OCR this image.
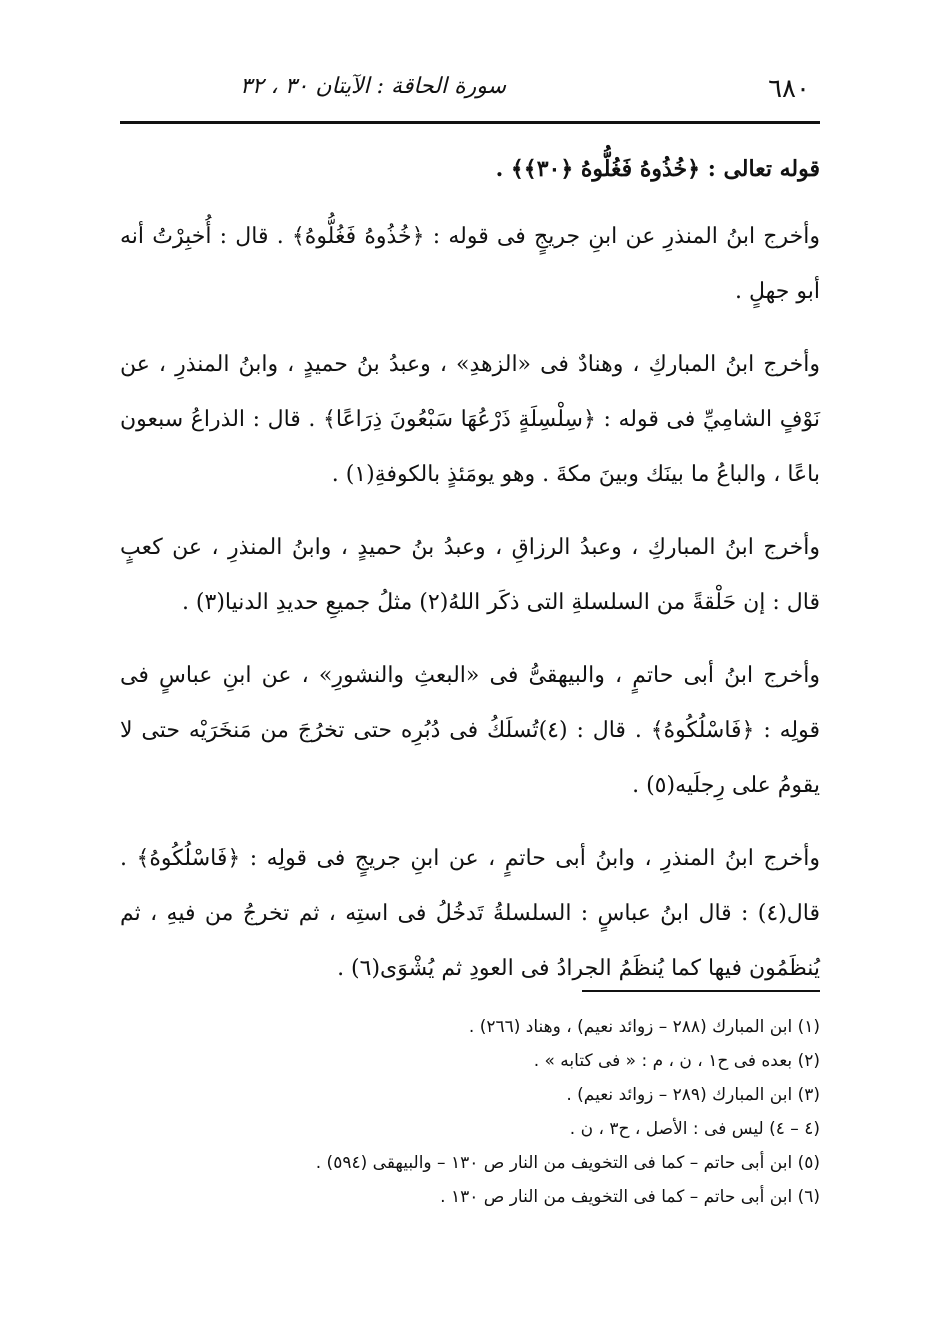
٦٨٠
سورة الحاقة : الآيتان ٣٠ ، ٣٢

قوله تعالى : ﴿خُذُوهُ فَغُلُّوهُ ﴿٣٠﴾﴾ .

وأخرج ابنُ المنذرِ عن ابنِ جريجٍ فى قوله : ﴿خُذُوهُ فَغُلُّوهُ﴾ . قال : أُخبِرْتُ أنه أبو جهلٍ .

وأخرج ابنُ المباركِ ، وهنادٌ فى «الزهدِ» ، وعبدُ بنُ حميدٍ ، وابنُ المنذرِ ، عن نَوْفٍ الشامِيِّ فى قوله : ﴿سِلْسِلَةٍ ذَرْعُهَا سَبْعُونَ ذِرَاعًا﴾ . قال : الذراعُ سبعون باعًا ، والباعُ ما بينَك وبينَ مكةَ . وهو يومَئذٍ بالكوفةِ(١) .

وأخرج ابنُ المباركِ ، وعبدُ الرزاقِ ، وعبدُ بنُ حميدٍ ، وابنُ المنذرِ ، عن كعبٍ قال : إن حَلْقةً من السلسلةِ التى ذكَر اللهُ(٢) مثلُ جميعِ حديدِ الدنيا(٣) .

وأخرج ابنُ أبى حاتمٍ ، والبيهقىُّ فى «البعثِ والنشورِ» ، عن ابنِ عباسٍ فى قولِه : ﴿فَاسْلُكُوهُ﴾ . قال : (٤)تُسلَكُ فى دُبُرِه حتى تخرُجَ من مَنخَرَيْه حتى لا يقومُ على رِجلَيه(٥) .

وأخرج ابنُ المنذرِ ، وابنُ أبى حاتمٍ ، عن ابنِ جريجٍ فى قولِه : ﴿فَاسْلُكُوهُ﴾ . قال(٤) : قال ابنُ عباسٍ : السلسلةُ تَدخُلُ فى استِه ، ثم تخرجُ من فيهِ ، ثم يُنظَمُون فيها كما يُنظَمُ الجرادُ فى العودِ ثم يُشْوَى(٦) .

(١) ابن المبارك (٢٨٨ – زوائد نعيم) ، وهناد (٢٦٦) .

(٢) بعده فى ح١ ، ن ، م : « فى كتابه » .

(٣) ابن المبارك (٢٨٩ – زوائد نعيم) .

(٤ – ٤) ليس فى : الأصل ، ح٣ ، ن .

(٥) ابن أبى حاتم – كما فى التخويف من النار ص ١٣٠ – والبيهقى (٥٩٤) .

(٦) ابن أبى حاتم – كما فى التخويف من النار ص ١٣٠ .
